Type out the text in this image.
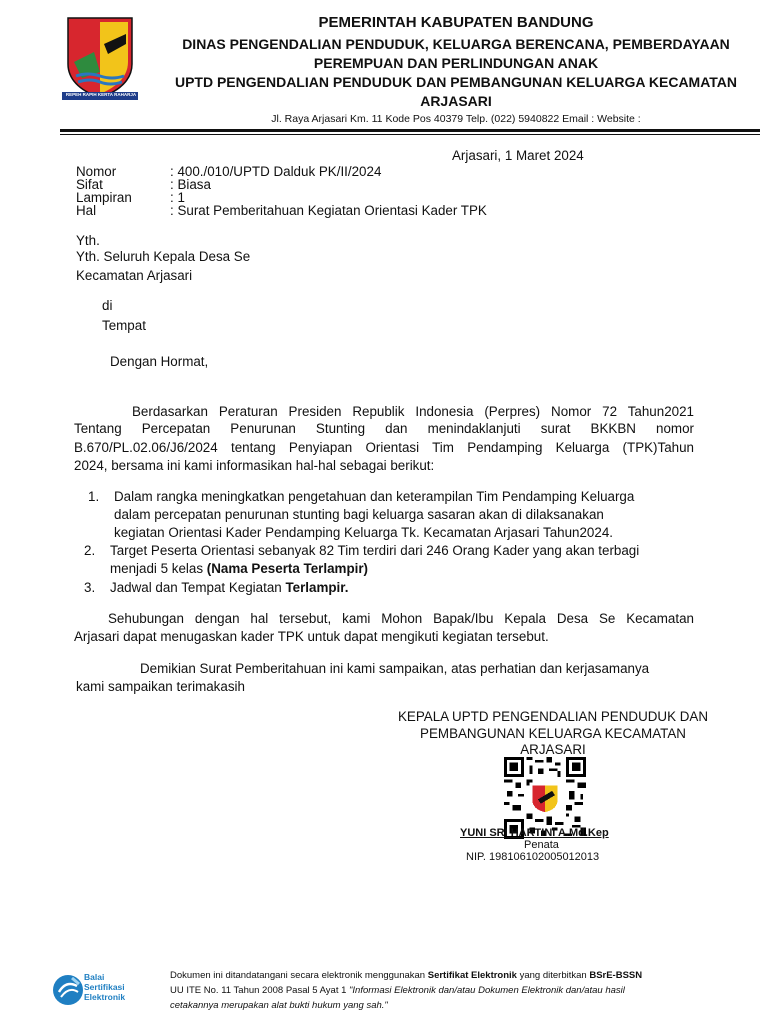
REPEH RAPIH KERTA RAHARJA
PEMERINTAH KABUPATEN BANDUNG
DINAS PENGENDALIAN PENDUDUK, KELUARGA BERENCANA, PEMBERDAYAAN
PEREMPUAN DAN PERLINDUNGAN ANAK
UPTD PENGENDALIAN PENDUDUK DAN PEMBANGUNAN KELUARGA KECAMATAN
ARJASARI
Jl. Raya Arjasari Km. 11 Kode Pos 40379 Telp. (022) 5940822 Email : Website :
Arjasari, 1 Maret 2024
Nomor	: 400./010/UPTD Dalduk PK/II/2024
Sifat	: Biasa
Lampiran	: 1
Hal	: Surat Pemberitahuan Kegiatan Orientasi Kader TPK
Yth.
Yth. Seluruh Kepala Desa Se
Kecamatan Arjasari
di
Tempat
Dengan Hormat,
Berdasarkan Peraturan Presiden Republik Indonesia (Perpres) Nomor 72 Tahun2021
Tentang Percepatan Penurunan Stunting dan menindaklanjuti surat BKKBN nomor
B.670/PL.02.06/J6/2024 tentang Penyiapan Orientasi Tim Pendamping Keluarga (TPK)Tahun
2024, bersama ini kami informasikan hal-hal sebagai berikut:
1. Dalam rangka meningkatkan pengetahuan dan keterampilan Tim Pendamping Keluarga
dalam percepatan penurunan stunting bagi keluarga sasaran akan di dilaksanakan
kegiatan Orientasi Kader Pendamping Keluarga Tk. Kecamatan Arjasari Tahun2024.
2. Target Peserta Orientasi sebanyak 82 Tim terdiri dari 246 Orang Kader yang akan terbagi
menjadi 5 kelas (Nama Peserta Terlampir)
3. Jadwal dan Tempat Kegiatan Terlampir.
Sehubungan dengan hal tersebut, kami Mohon Bapak/Ibu Kepala Desa Se Kecamatan
Arjasari dapat menugaskan kader TPK untuk dapat mengikuti kegiatan tersebut.
Demikian Surat Pemberitahuan ini kami sampaikan, atas perhatian dan kerjasamanya
kami sampaikan terimakasih
KEPALA UPTD PENGENDALIAN PENDUDUK DAN
PEMBANGUNAN KELUARGA KECAMATAN
ARJASARI
YUNI SRI HARTINI A.Md.Kep
Penata
NIP. 198106102005012013
Balai
Sertifikasi
Elektronik
Dokumen ini ditandatangani secara elektronik menggunakan Sertifikat Elektronik yang diterbitkan BSrE-BSSN
UU ITE No. 11 Tahun 2008 Pasal 5 Ayat 1 "Informasi Elektronik dan/atau Dokumen Elektronik dan/atau hasil
cetakannya merupakan alat bukti hukum yang sah."
